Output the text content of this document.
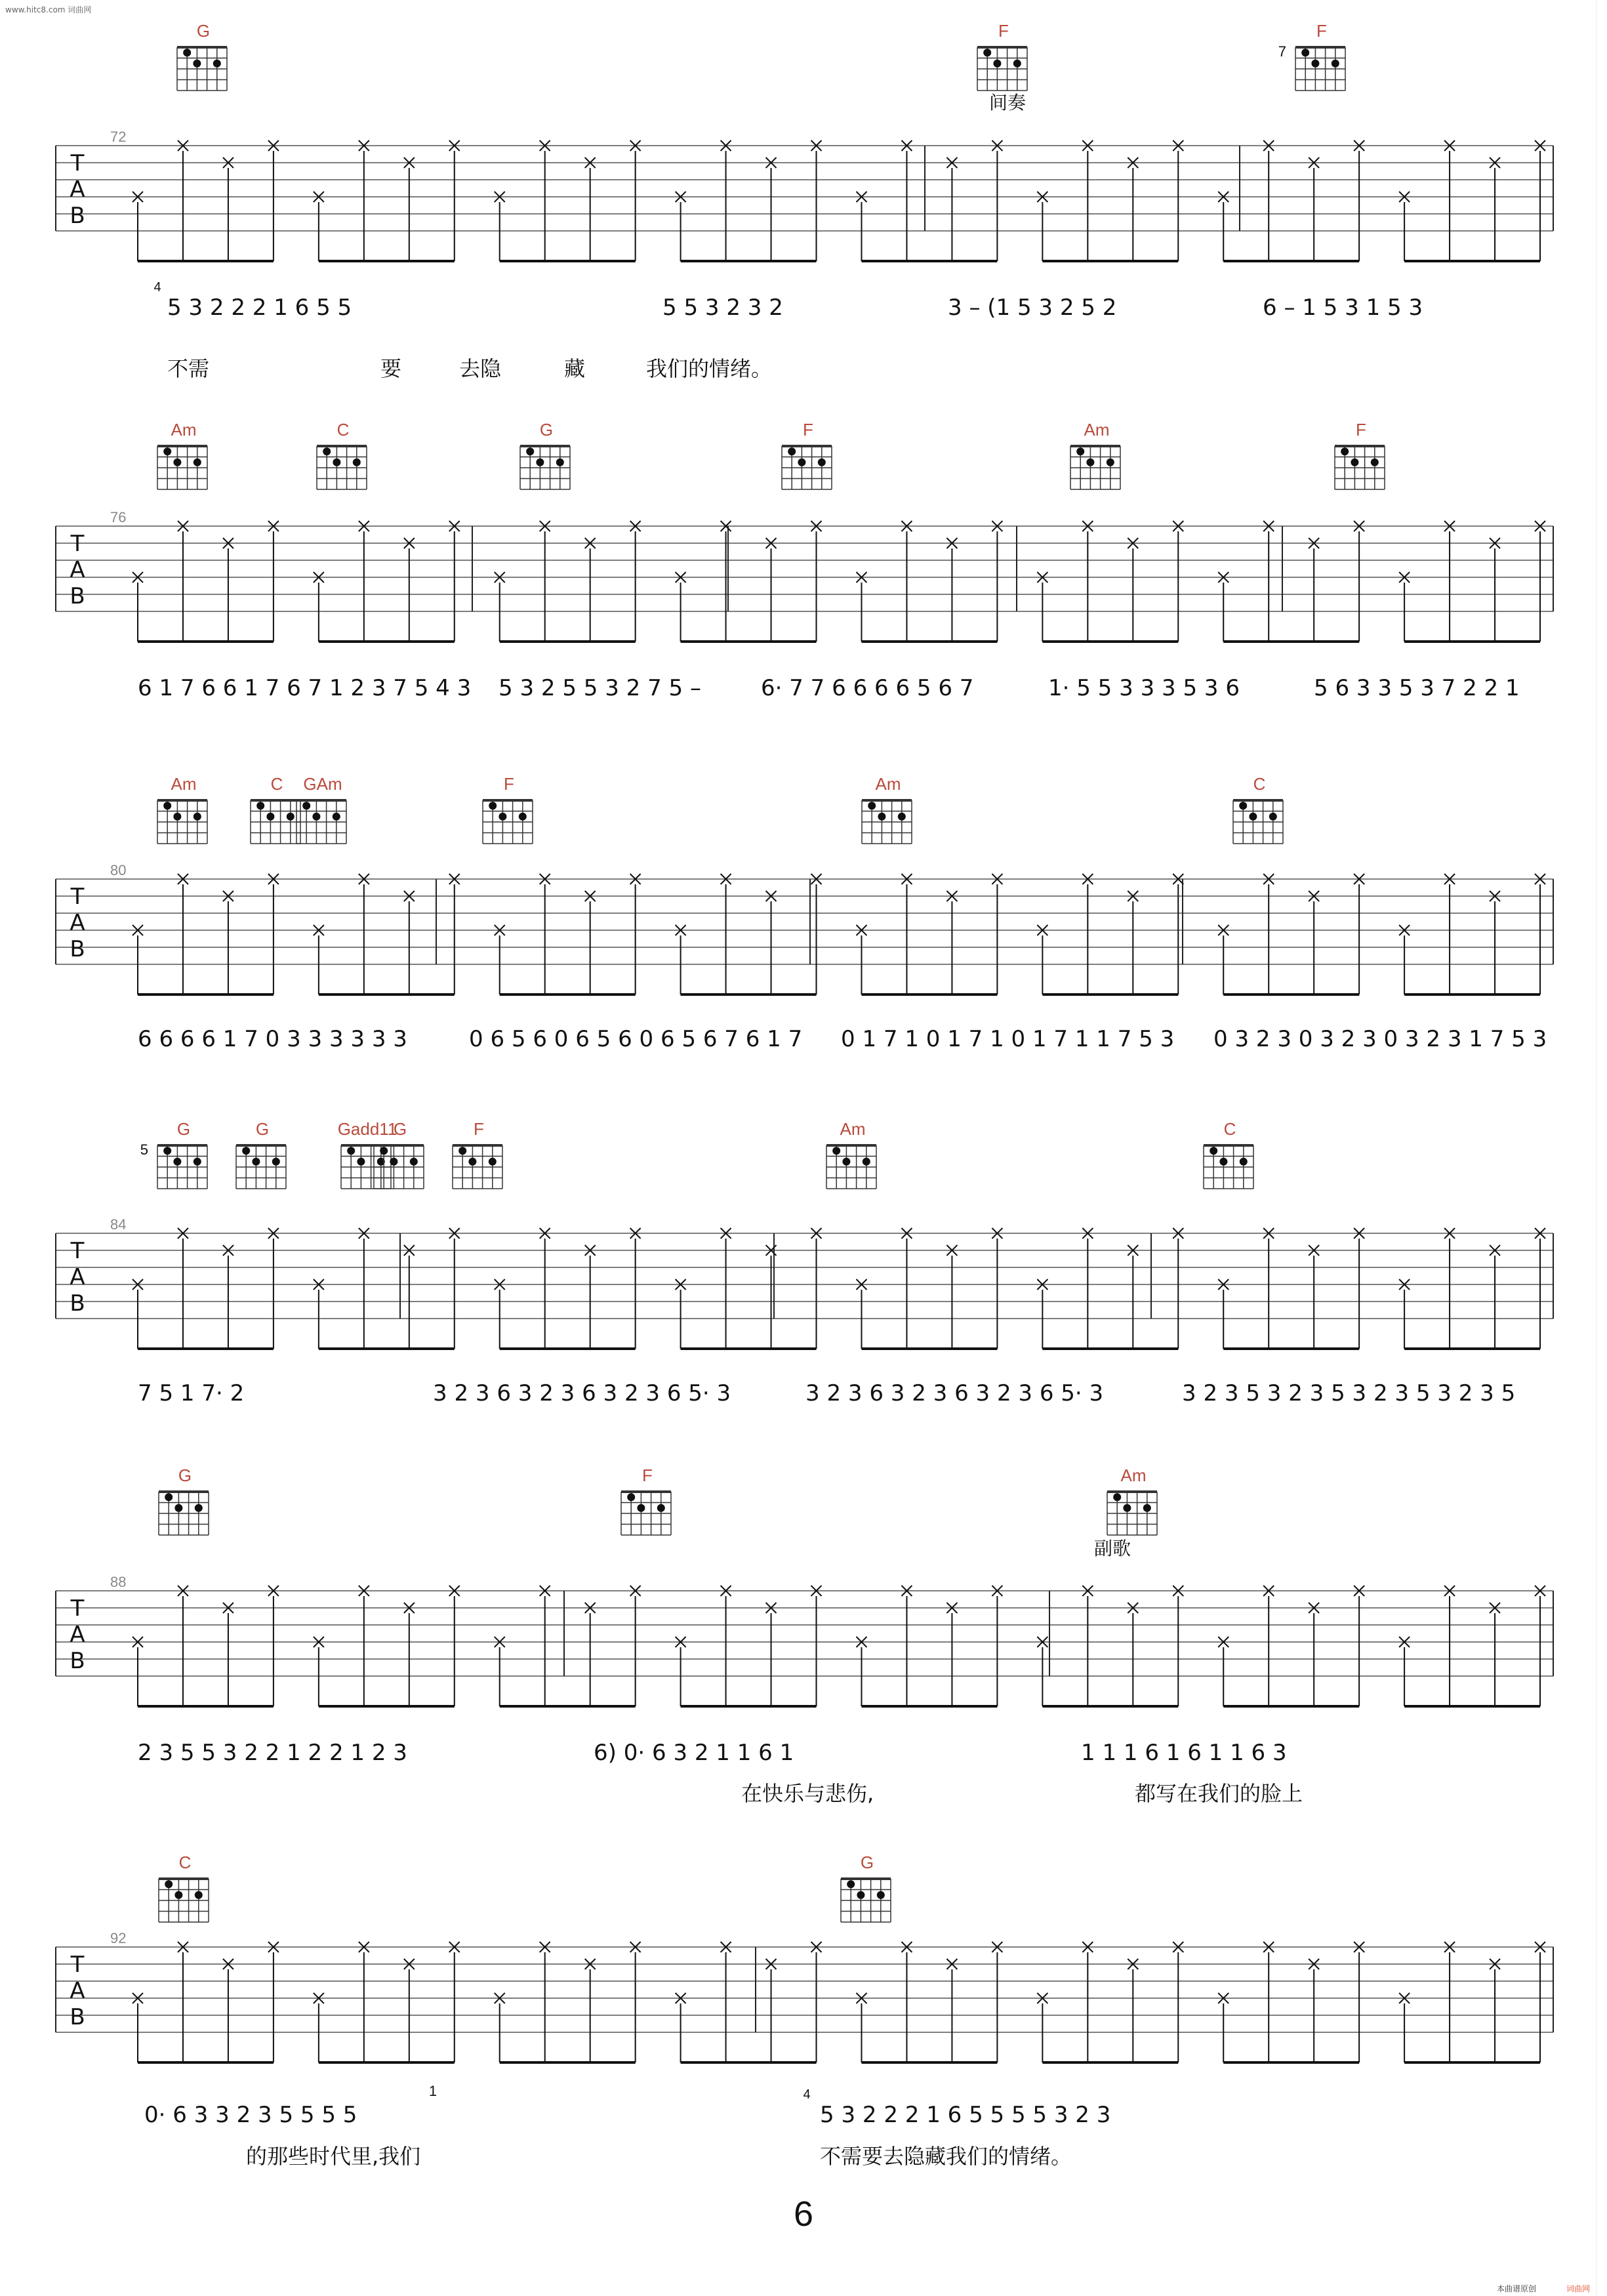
www.hitc8.com 词曲网
G	F	F
7
间奏
T
A
B
72
5 3 2 2 2 1 6 5 5	5 5 3 2 3 2	3 – (1 5 3 2 5 2	6 – 1 5 3 1 5 3
4
不需	要	去隐	藏	我们的情绪。
Am	C	G	F	Am	F
T
A
B
76
6 1 7 6 6 1 7 6 7 1 2 3 7 5 4 3 5 3 2 5 5 3 2 7 5 –	6· 7 7 6 6 6 6 5 6 7	1· 5 5 3 3 3 5 3 6	5 6 3 3 5 3 7 2 2 1
Am	C GAm	F	Am	C
T
A
B
80
6 6 6 6 1 7 0 3 3 3 3 3 3	0 6 5 6 0 6 5 6 0 6 5 6 7 6 1 7 0 1 7 1 0 1 7 1 0 1 7 1 1 7 5 3 0 3 2 3 0 3 2 3 0 3 2 3 1 7 5 3
G
5
G	Gadd11
G	F	Am	C
T
A
B
84
7 5 1 7· 2	3 2 3 6 3 2 3 6 3 2 3 6 5· 3	3 2 3 6 3 2 3 6 3 2 3 6 5· 3	3 2 3 5 3 2 3 5 3 2 3 5 3 2 3 5
G	F	Am
副歌
T
A
B
88
2 3 5 5 3 2 2 1 2 2 1 2 3	6) 0· 6 3 2 1 1 6 1	1 1 1 6 1 6 1 1 6 3
在快乐与悲伤,	都写在我们的脸上
C	G
T
A
B
92
0· 6 3 3 2 3 5 5 5 5	5 3 2 2 2 1 6 5 5 5 5 3 2 3
4
1
的那些时代里,我们	不需要去隐藏我们的情绪。
6
本曲谱原创	词曲网
